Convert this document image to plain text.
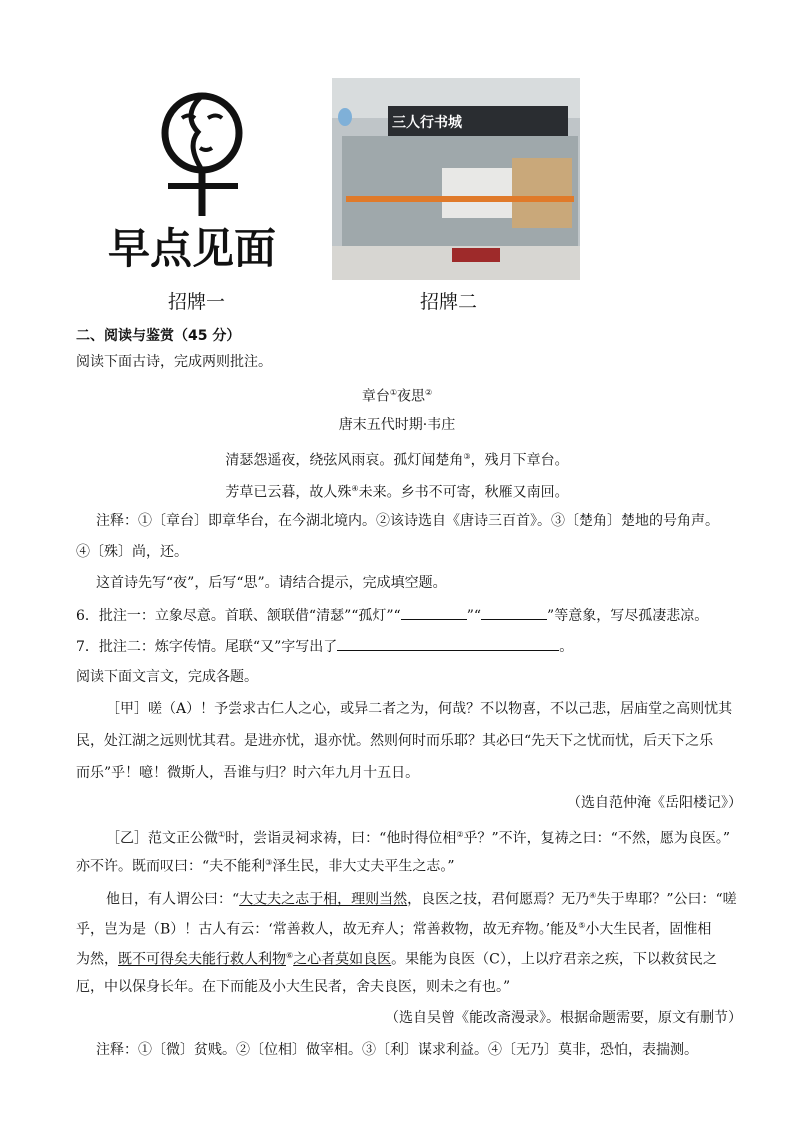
早点见面
三人行书城
招牌一	招牌二
二、阅读与鉴赏（45 分）
阅读下面古诗，完成两则批注。
章台①夜思②
唐末五代时期·韦庄
清瑟怨遥夜，绕弦风雨哀。孤灯闻楚角③，残月下章台。
芳草已云暮，故人殊④未来。乡书不可寄，秋雁又南回。
注释：①〔章台〕即章华台，在今湖北境内。②该诗选自《唐诗三百首》。③〔楚角〕楚地的号角声。
④〔殊〕尚，还。
这首诗先写“夜”，后写“思”。请结合提示，完成填空题。
6．批注一：立象尽意。首联、颔联借“清瑟”“孤灯”“	”“	”等意象，写尽孤凄悲凉。
7．批注二：炼字传情。尾联“又”字写出了	。
阅读下面文言文，完成各题。
［甲］嗟（A）！予尝求古仁人之心，或异二者之为，何哉？不以物喜，不以己悲，居庙堂之高则忧其
民，处江湖之远则忧其君。是进亦忧，退亦忧。然则何时而乐耶？其必曰“先天下之忧而忧，后天下之乐
而乐”乎！噫！微斯人，吾谁与归？时六年九月十五日。
（选自范仲淹《岳阳楼记》）
［乙］范文正公微①时，尝诣灵祠求祷，曰：“他时得位相②乎？”不许，复祷之曰：“不然，愿为良医。”
亦不许。既而叹曰：“夫不能利③泽生民，非大丈夫平生之志。”
他日，有人谓公曰：“大丈夫之志于相，理则当然，良医之技，君何愿焉？无乃④失于卑耶？”公曰：“嗟
乎，岂为是（B）！古人有云：‘常善救人，故无弃人；常善救物，故无弃物。’能及⑤小大生民者，固惟相
为然，既不可得矣夫能行救人利物⑥之心者莫如良医。果能为良医（C），上以疗君亲之疾，下以救贫民之
厄，中以保身长年。在下而能及小大生民者，舍夫良医，则未之有也。”
（选自吴曾《能改斋漫录》。根据命题需要，原文有删节）
注释：①〔微〕贫贱。②〔位相〕做宰相。③〔利〕谋求利益。④〔无乃〕莫非，恐怕，表揣测。
